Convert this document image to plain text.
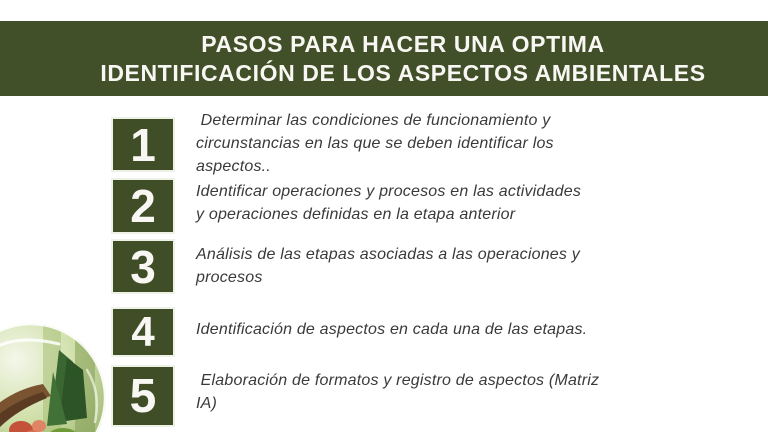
PASOS PARA HACER UNA OPTIMA
IDENTIFICACIÓN DE LOS ASPECTOS AMBIENTALES
1	Determinar las condiciones de funcionamiento y
circunstancias en las que se deben identificar los
aspectos..
2	Identificar operaciones y procesos en las actividades
y operaciones definidas en la etapa anterior
3	Análisis de las etapas asociadas a las operaciones y
procesos
4	Identificación de aspectos en cada una de las etapas.
5 Elaboración de formatos y registro de aspectos (Matriz
IA)
